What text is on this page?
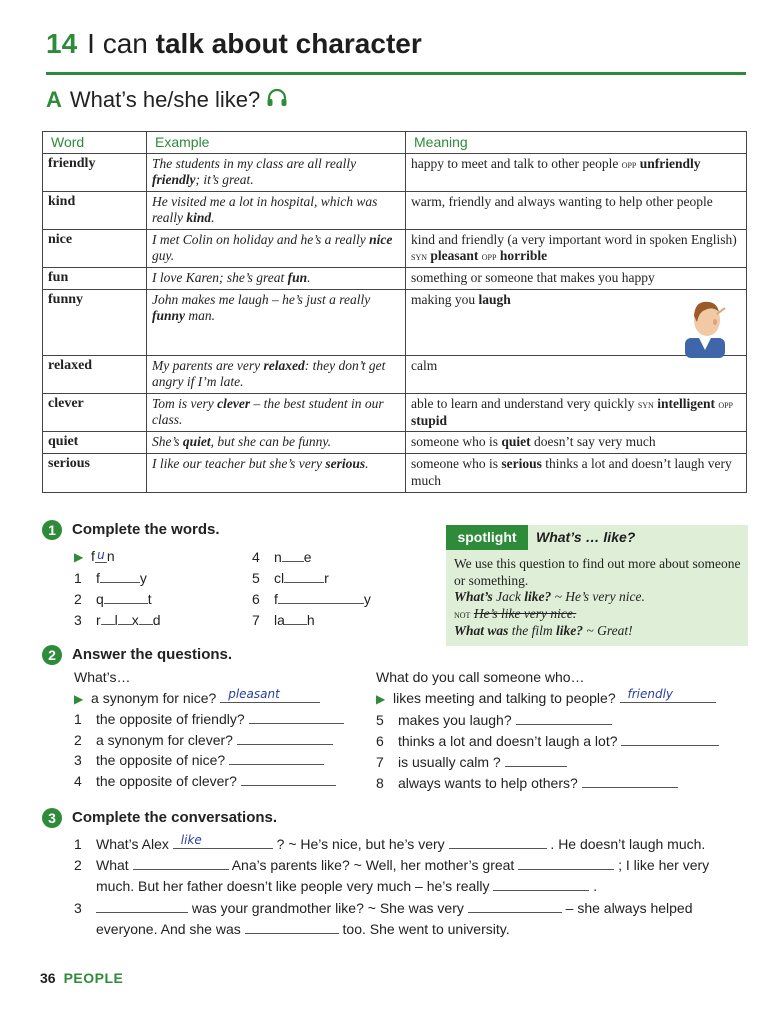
14 I can talk about character
A What’s he/she like?
Word	Example	Meaning
friendly	The students in my class are all really friendly; it’s great.	happy to meet and talk to other people opp unfriendly

kind	He visited me a lot in hospital, which was really kind.	warm, friendly and always wanting to help other people

nice	I met Colin on holiday and he’s a really nice guy.	kind and friendly (a very important word in spoken English) syn pleasant opp horrible

fun	I love Karen; she’s great fun.	something or someone that makes you happy

funny	John makes me laugh – he’s just a really funny man.	making you laugh

relaxed	My parents are very relaxed: they don’t get angry if I’m late.	calm

clever	Tom is very clever – the best student in our class.	able to learn and understand very quickly syn intelligent opp stupid

quiet	She’s quiet, but she can be funny.	someone who is quiet doesn’t say very much

serious	I like our teacher but she’s very serious.	someone who is serious thinks a lot and doesn’t laugh very much
1 Complete the words.
▶ f u n
1 f	y
2 q	t
3 r l x d
4 n e
5 cl	r
6 f	y
7 la h
spotlight	What’s … like?
We use this question to find out more about someone or something.
What’s Jack like? ~ He’s very nice.
not He’s like very nice.
What was the film like? ~ Great!
2 Answer the questions.
What’s…
▶ a synonym for nice? pleasant
1 the opposite of friendly?
2 a synonym for clever?
3 the opposite of nice?
4 the opposite of clever?
What do you call someone who…
▶ likes meeting and talking to people? friendly
5 makes you laugh?
6 thinks a lot and doesn’t laugh a lot?
7 is usually calm ?
8 always wants to help others?
3 Complete the conversations.
1 What’s Alex like	? ~ He’s nice, but he’s very	. He doesn’t laugh much.
2 What	Ana’s parents like? ~ Well, her mother’s great	; I like her very
much. But her father doesn’t like people very much – he’s really	.
3	was your grandmother like? ~ She was very	– she always helped
everyone. And she was	too. She went to university.
36 PEOPLE
